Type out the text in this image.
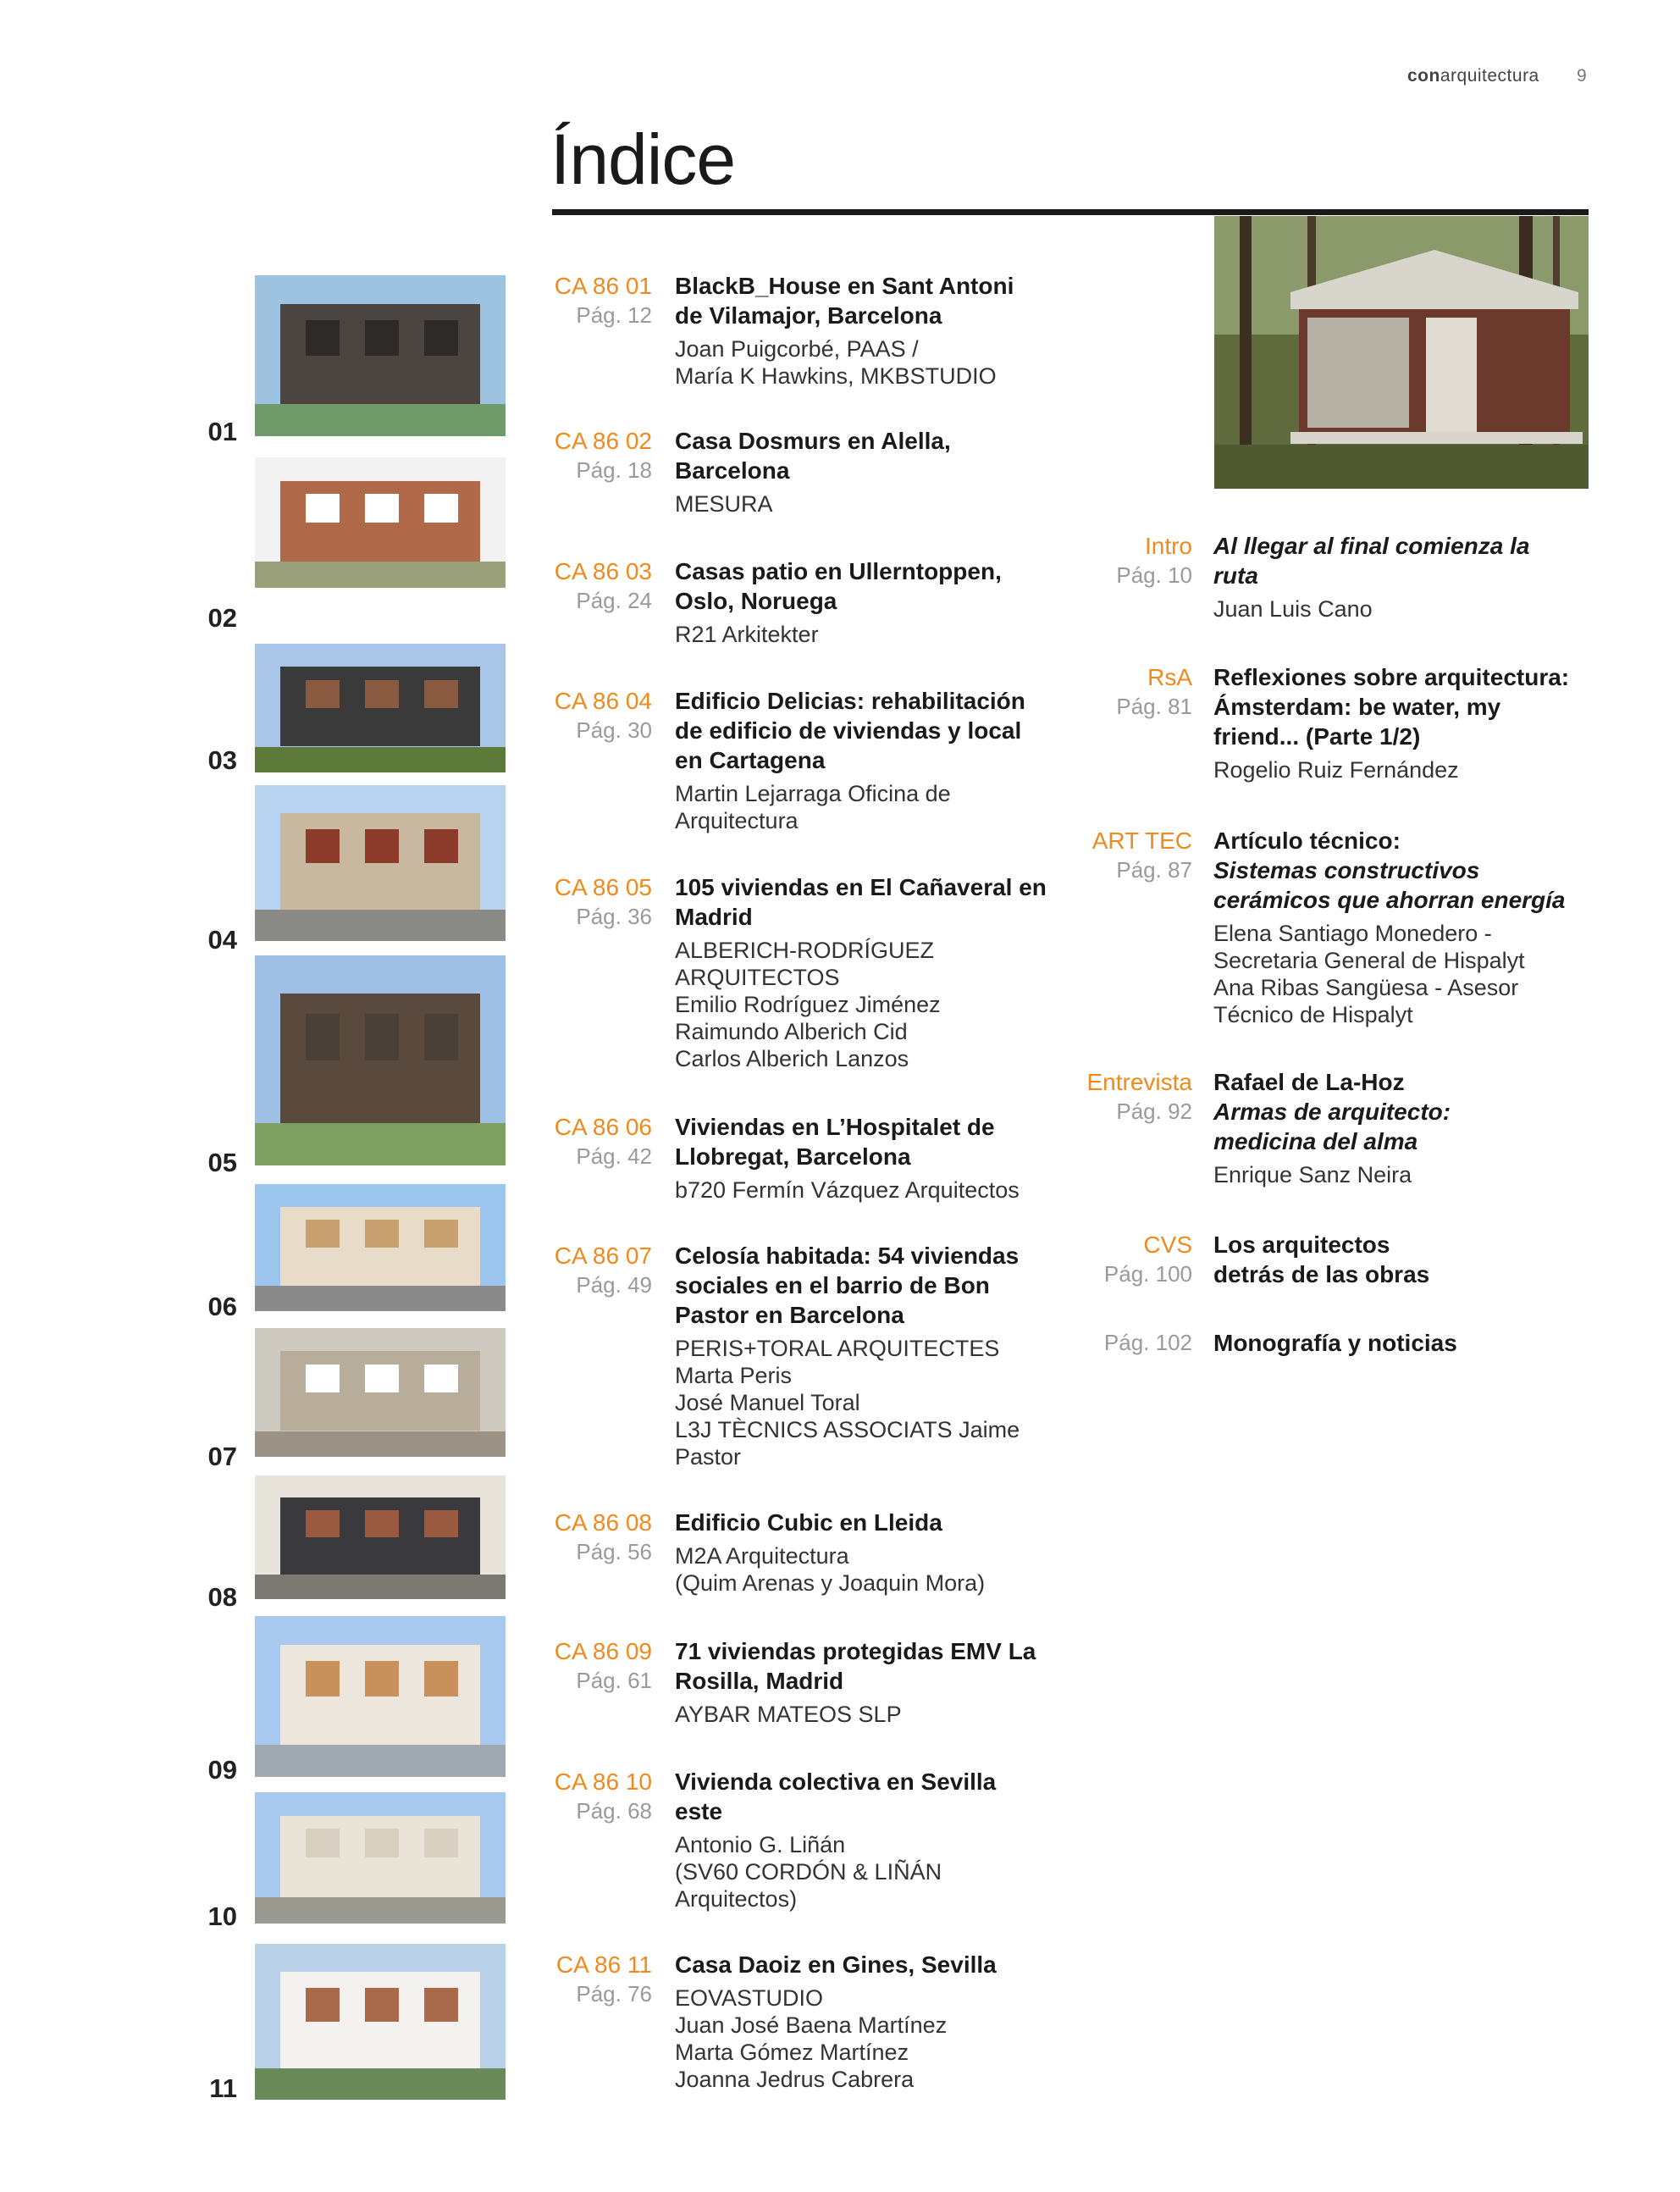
conarquitectura 9
Índice
01
02
03
04
05
06
07
08
09
10
11
CA 86 01
Pág. 12
BlackB_House en Sant Antoni de Vilamajor, Barcelona
Joan Puigcorbé, PAAS /
María K Hawkins, MKBSTUDIO
CA 86 02
Pág. 18
Casa Dosmurs en Alella, Barcelona
MESURA
CA 86 03
Pág. 24
Casas patio en Ullerntoppen, Oslo, Noruega
R21 Arkitekter
CA 86 04
Pág. 30
Edificio Delicias: rehabilitación de edificio de viviendas y local en Cartagena
Martin Lejarraga Oficina de
Arquitectura
CA 86 05
Pág. 36
105 viviendas en El Cañaveral en Madrid
ALBERICH-RODRÍGUEZ
ARQUITECTOS
Emilio Rodríguez Jiménez
Raimundo Alberich Cid
Carlos Alberich Lanzos
CA 86 06
Pág. 42
Viviendas en L’Hospitalet de Llobregat, Barcelona
b720 Fermín Vázquez Arquitectos
CA 86 07
Pág. 49
Celosía habitada: 54 viviendas sociales en el barrio de Bon Pastor en Barcelona
PERIS+TORAL ARQUITECTES
Marta Peris
José Manuel Toral
L3J TÈCNICS ASSOCIATS Jaime
Pastor
CA 86 08
Pág. 56
Edificio Cubic en Lleida
M2A Arquitectura
(Quim Arenas y Joaquin Mora)
CA 86 09
Pág. 61
71 viviendas protegidas EMV La Rosilla, Madrid
AYBAR MATEOS SLP
CA 86 10
Pág. 68
Vivienda colectiva en Sevilla este
Antonio G. Liñán
(SV60 CORDÓN & LIÑÁN
Arquitectos)
CA 86 11
Pág. 76
Casa Daoiz en Gines, Sevilla
EOVASTUDIO
Juan José Baena Martínez
Marta Gómez Martínez
Joanna Jedrus Cabrera
Intro
Pág. 10
Al llegar al final comienza la
ruta
Juan Luis Cano
RsA
Pág. 81
Reflexiones sobre arquitectura:
Ámsterdam: be water, my
friend... (Parte 1/2)
Rogelio Ruiz Fernández
ART TEC
Pág. 87
Artículo técnico:
Sistemas constructivos
cerámicos que ahorran energía
Elena Santiago Monedero -
Secretaria General de Hispalyt
Ana Ribas Sangüesa - Asesor
Técnico de Hispalyt
Entrevista
Pág. 92
Rafael de La-Hoz
Armas de arquitecto:
medicina del alma
Enrique Sanz Neira
CVS
Pág. 100
Los arquitectos
detrás de las obras
Pág. 102 Monografía y noticias
